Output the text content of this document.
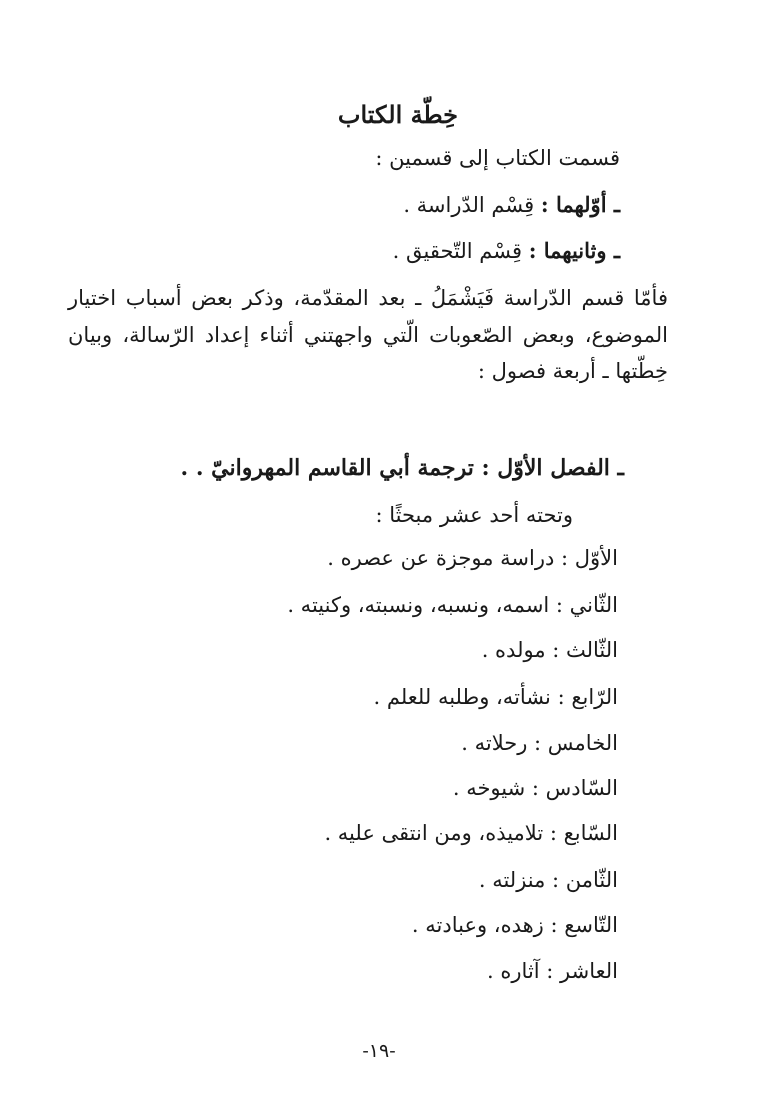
خِطّة الكتاب
قسمت الكتاب إلى قسمين :
ـ أوّلهما : قِسْم الدّراسة .
ـ وثانيهما : قِسْم التّحقيق .
فأمّا قسم الدّراسة فَيَشْمَلُ ـ بعد المقدّمة، وذكر بعض أسباب اختيار
الموضوع، وبعض الصّعوبات الّتي واجهتني أثناء إعداد الرّسالة، وبيان
خِطّتها ـ أربعة فصول :
ـ الفصل الأوّل : ترجمة أبي القاسم المهروانيّ . .
وتحته أحد عشر مبحثًا :
الأوّل : دراسة موجزة عن عصره .
الثّاني : اسمه، ونسبه، ونسبته، وكنيته .
الثّالث : مولده .
الرّابع : نشأته، وطلبه للعلم .
الخامس : رحلاته .
السّادس : شيوخه .
السّابع : تلاميذه، ومن انتقى عليه .
الثّامن : منزلته .
التّاسع : زهده، وعبادته .
العاشر : آثاره .
-١٩-
